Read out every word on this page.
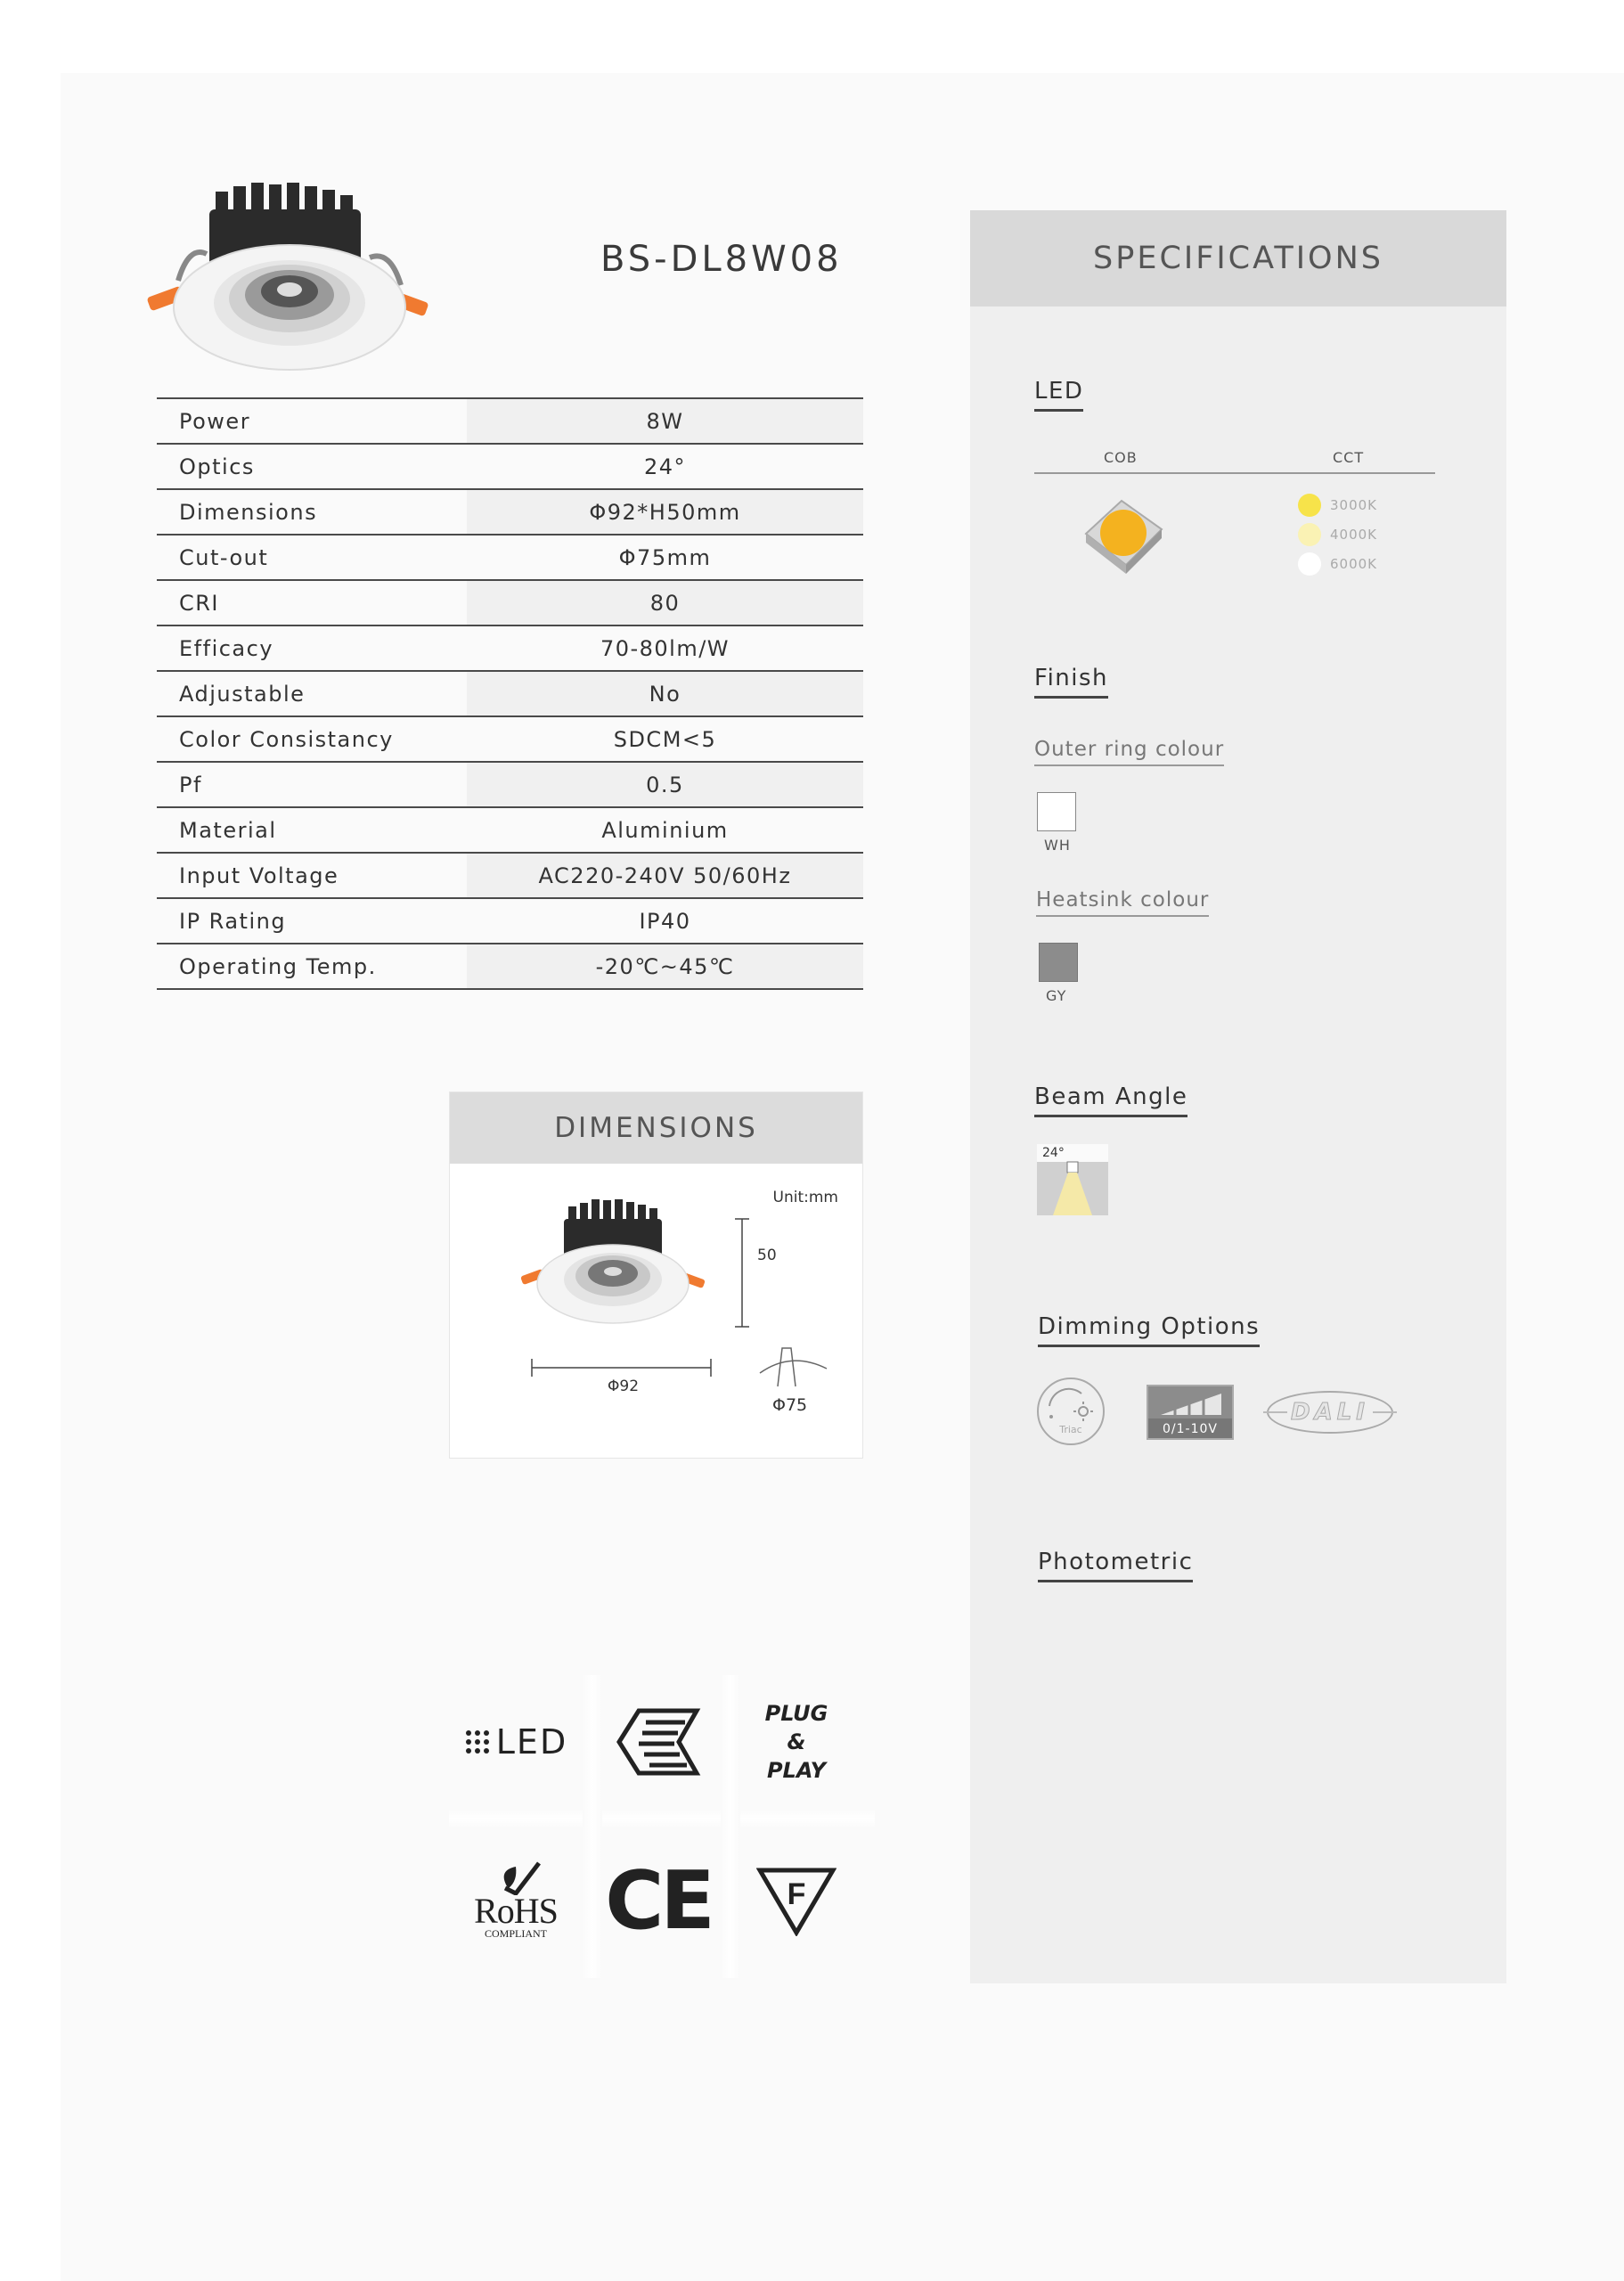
BS-DL8W08
Power	8W
Optics	24°
Dimensions	Φ92*H50mm
Cut-out	Φ75mm
CRI	80
Efficacy	70-80lm/W
Adjustable	No
Color Consistancy	SDCM<5
Pf	0.5
Material	Aluminium
Input Voltage	AC220-240V 50/60Hz
IP Rating	IP40
Operating Temp.	-20℃~45℃
DIMENSIONS
Unit:mm
50
Φ92
Φ75
LED
PLUG
&
PLAY
RoHS
COMPLIANT CE F
SPECIFICATIONS
LED
COB	CCT
3000K
4000K
6000K
Finish
Outer ring colour
WH
Heatsink colour
GY
Beam Angle
24°
Dimming Options
Triac	0/1-10V
DALI
Photometric
